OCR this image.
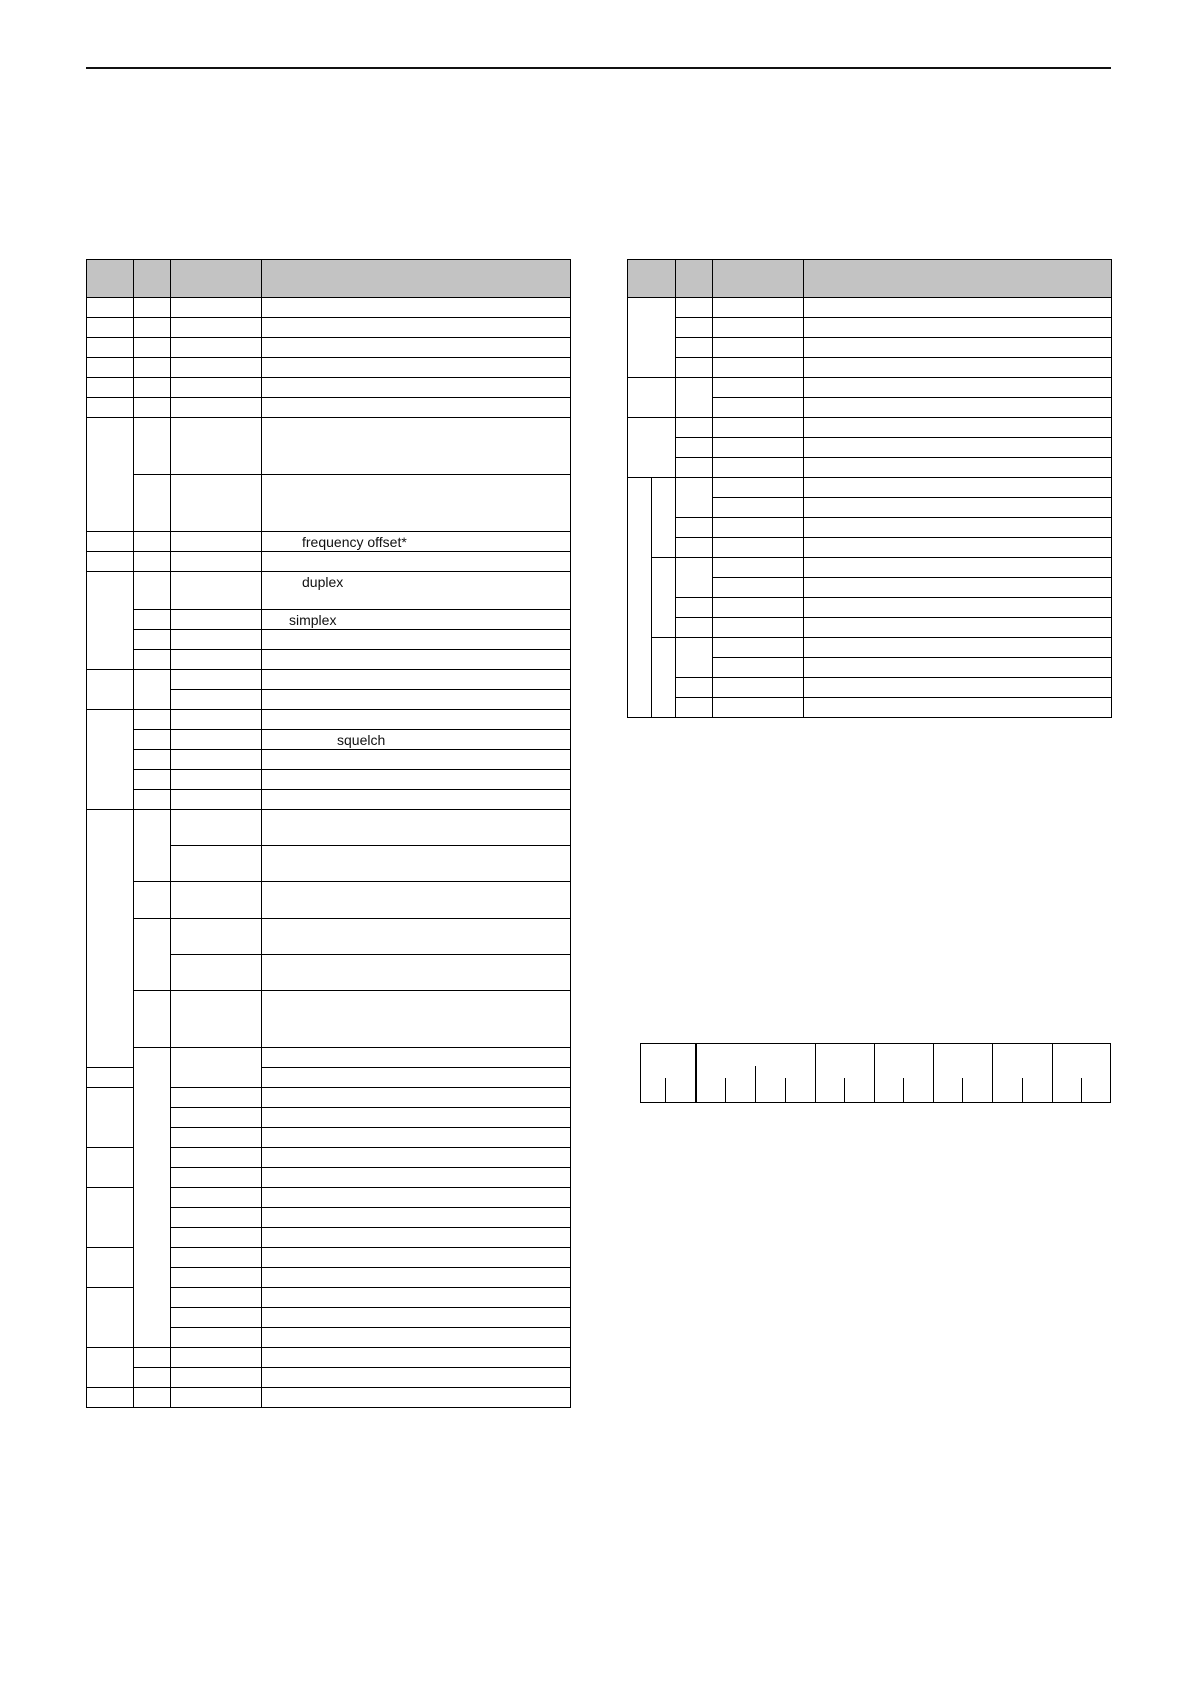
			frequency offset*	

			duplex	
			simplex	

			squelch	
